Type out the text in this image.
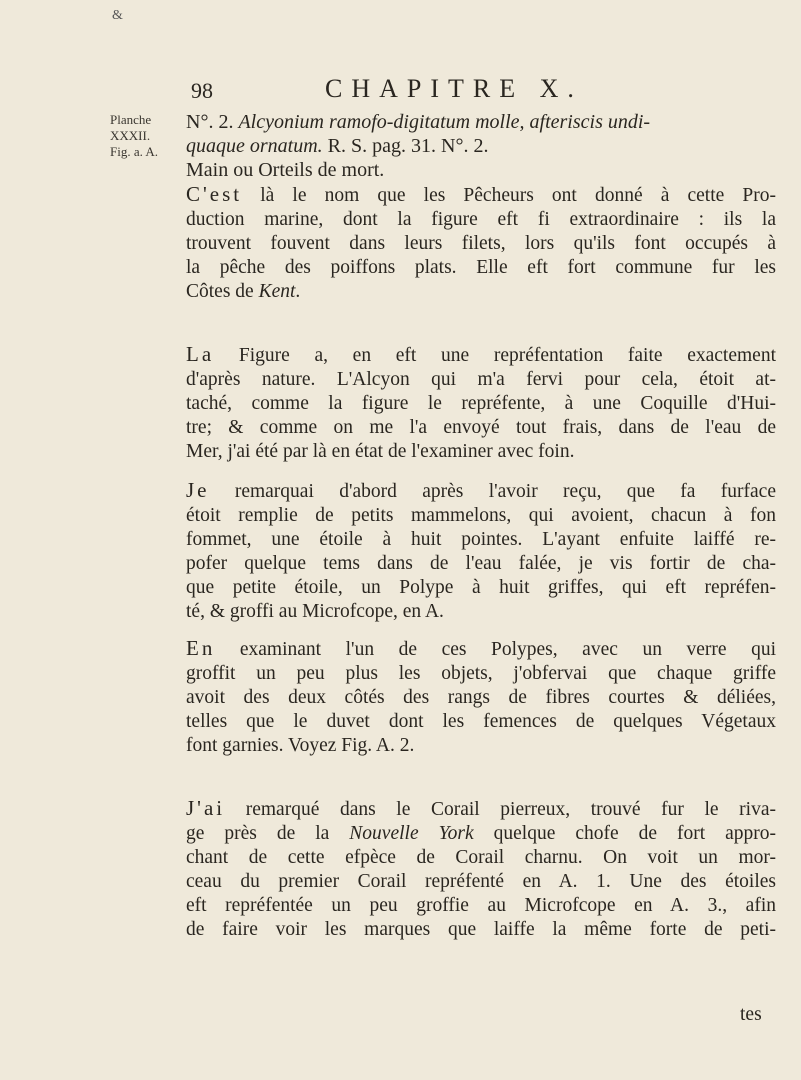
&
Planche
XXXII.
Fig. a. A.
98	CHAPITRE X.
N°. 2. Alcyonium ramofo-digitatum molle, afteriscis undi-
quaque ornatum. R. S. pag. 31. N°. 2.
Main ou Orteils de mort.
C'est là le nom que les Pêcheurs ont donné à cette Pro-
duction marine, dont la figure eft fi extraordinaire : ils la
trouvent fouvent dans leurs filets, lors qu'ils font occupés à
la pêche des poiffons plats. Elle eft fort commune fur les
Côtes de Kent.
La Figure a, en eft une repréfentation faite exactement
d'après nature. L'Alcyon qui m'a fervi pour cela, étoit at-
taché, comme la figure le repréfente, à une Coquille d'Hui-
tre; & comme on me l'a envoyé tout frais, dans de l'eau de
Mer, j'ai été par là en état de l'examiner avec foin.
Je remarquai d'abord après l'avoir reçu, que fa furface
étoit remplie de petits mammelons, qui avoient, chacun à fon
fommet, une étoile à huit pointes. L'ayant enfuite laiffé re-
pofer quelque tems dans de l'eau falée, je vis fortir de cha-
que petite étoile, un Polype à huit griffes, qui eft repréfen-
té, & groffi au Microfcope, en A.
En examinant l'un de ces Polypes, avec un verre qui
groffit un peu plus les objets, j'obfervai que chaque griffe
avoit des deux côtés des rangs de fibres courtes & déliées,
telles que le duvet dont les femences de quelques Végetaux
font garnies. Voyez Fig. A. 2.
J'ai remarqué dans le Corail pierreux, trouvé fur le riva-
ge près de la Nouvelle York quelque chofe de fort appro-
chant de cette efpèce de Corail charnu. On voit un mor-
ceau du premier Corail repréfenté en A. 1. Une des étoiles
eft repréfentée un peu groffie au Microfcope en A. 3., afin
de faire voir les marques que laiffe la même forte de peti-
tes
